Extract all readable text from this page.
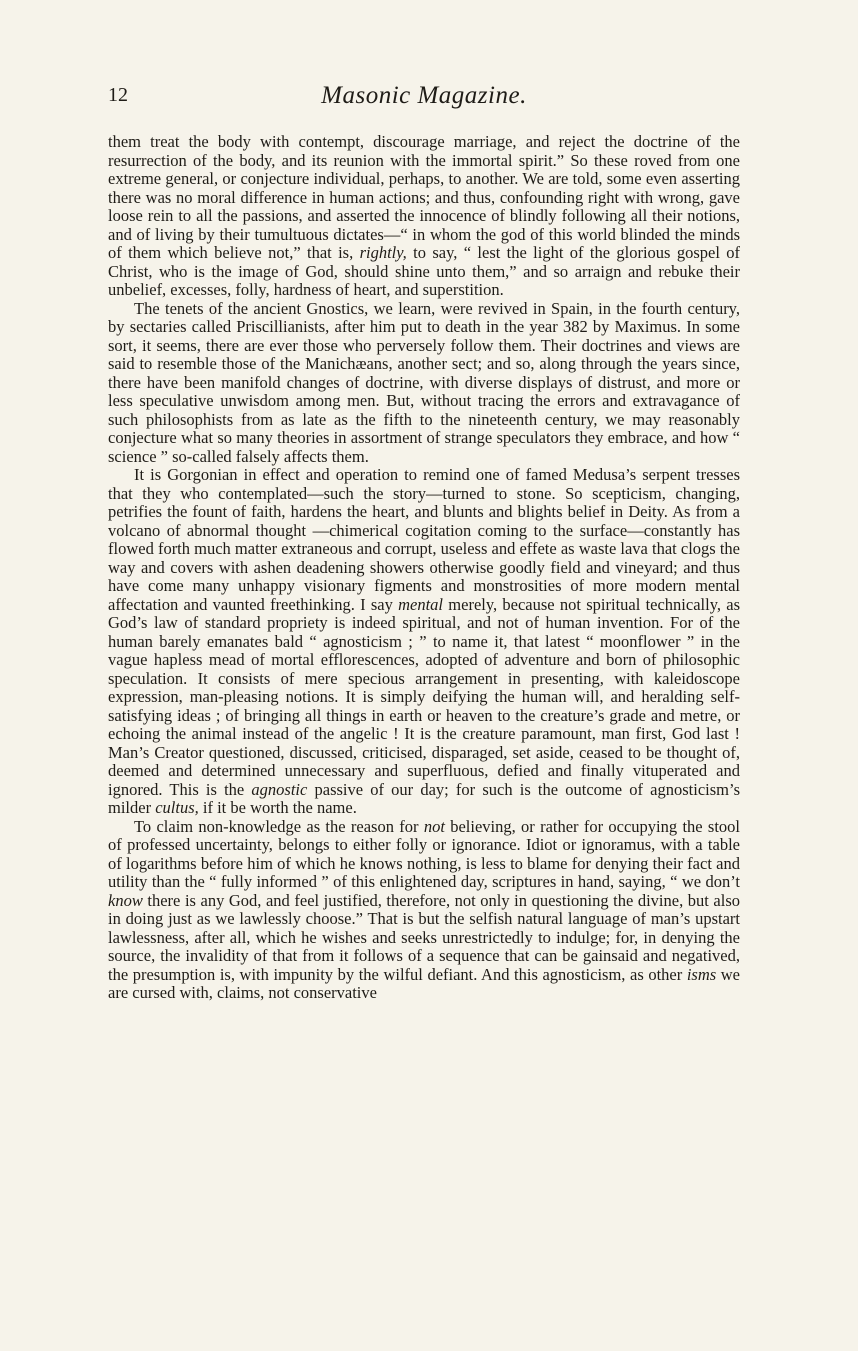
12	Masonic Magazine.

them treat the body with contempt, discourage marriage, and reject the doctrine of the resurrection of the body, and its reunion with the immortal spirit.” So these roved from one extreme general, or conjecture individual, perhaps, to another. We are told, some even asserting there was no moral difference in human actions; and thus, confounding right with wrong, gave loose rein to all the passions, and asserted the innocence of blindly following all their notions, and of living by their tumultuous dictates—“ in whom the god of this world blinded the minds of them which believe not,” that is, rightly, to say, “ lest the light of the glorious gospel of Christ, who is the image of God, should shine unto them,” and so arraign and rebuke their unbelief, excesses, folly, hardness of heart, and superstition.

The tenets of the ancient Gnostics, we learn, were revived in Spain, in the fourth century, by sectaries called Priscillianists, after him put to death in the year 382 by Maximus. In some sort, it seems, there are ever those who perversely follow them. Their doctrines and views are said to resemble those of the Manichæans, another sect; and so, along through the years since, there have been manifold changes of doctrine, with diverse displays of distrust, and more or less speculative unwisdom among men. But, without tracing the errors and extravagance of such philosophists from as late as the fifth to the nineteenth century, we may reasonably conjecture what so many theories in assortment of strange speculators they embrace, and how “ science ” so-called falsely affects them.

It is Gorgonian in effect and operation to remind one of famed Medusa’s serpent tresses that they who contemplated—such the story—turned to stone. So scepticism, changing, petrifies the fount of faith, hardens the heart, and blunts and blights belief in Deity. As from a volcano of abnormal thought —chimerical cogitation coming to the surface—constantly has flowed forth much matter extraneous and corrupt, useless and effete as waste lava that clogs the way and covers with ashen deadening showers otherwise goodly field and vineyard; and thus have come many unhappy visionary figments and monstrosities of more modern mental affectation and vaunted freethinking. I say mental merely, because not spiritual technically, as God’s law of standard propriety is indeed spiritual, and not of human invention. For of the human barely emanates bald “ agnosticism ; ” to name it, that latest “ moonflower ” in the vague hapless mead of mortal efflorescences, adopted of adventure and born of philosophic speculation. It consists of mere specious arrangement in presenting, with kaleidoscope expression, man-pleasing notions. It is simply deifying the human will, and heralding self-satisfying ideas ; of bringing all things in earth or heaven to the creature’s grade and metre, or echoing the animal instead of the angelic ! It is the creature paramount, man first, God last ! Man’s Creator questioned, discussed, criticised, disparaged, set aside, ceased to be thought of, deemed and determined unnecessary and superfluous, defied and finally vituperated and ignored. This is the agnostic passive of our day; for such is the outcome of agnosticism’s milder cultus, if it be worth the name.

To claim non-knowledge as the reason for not believing, or rather for occupying the stool of professed uncertainty, belongs to either folly or ignorance. Idiot or ignoramus, with a table of logarithms before him of which he knows nothing, is less to blame for denying their fact and utility than the “ fully informed ” of this enlightened day, scriptures in hand, saying, “ we don’t know there is any God, and feel justified, therefore, not only in questioning the divine, but also in doing just as we lawlessly choose.” That is but the selfish natural language of man’s upstart lawlessness, after all, which he wishes and seeks unrestrictedly to indulge; for, in denying the source, the invalidity of that from it follows of a sequence that can be gainsaid and negatived, the presumption is, with impunity by the wilful defiant. And this agnosticism, as other isms we are cursed with, claims, not conservative
